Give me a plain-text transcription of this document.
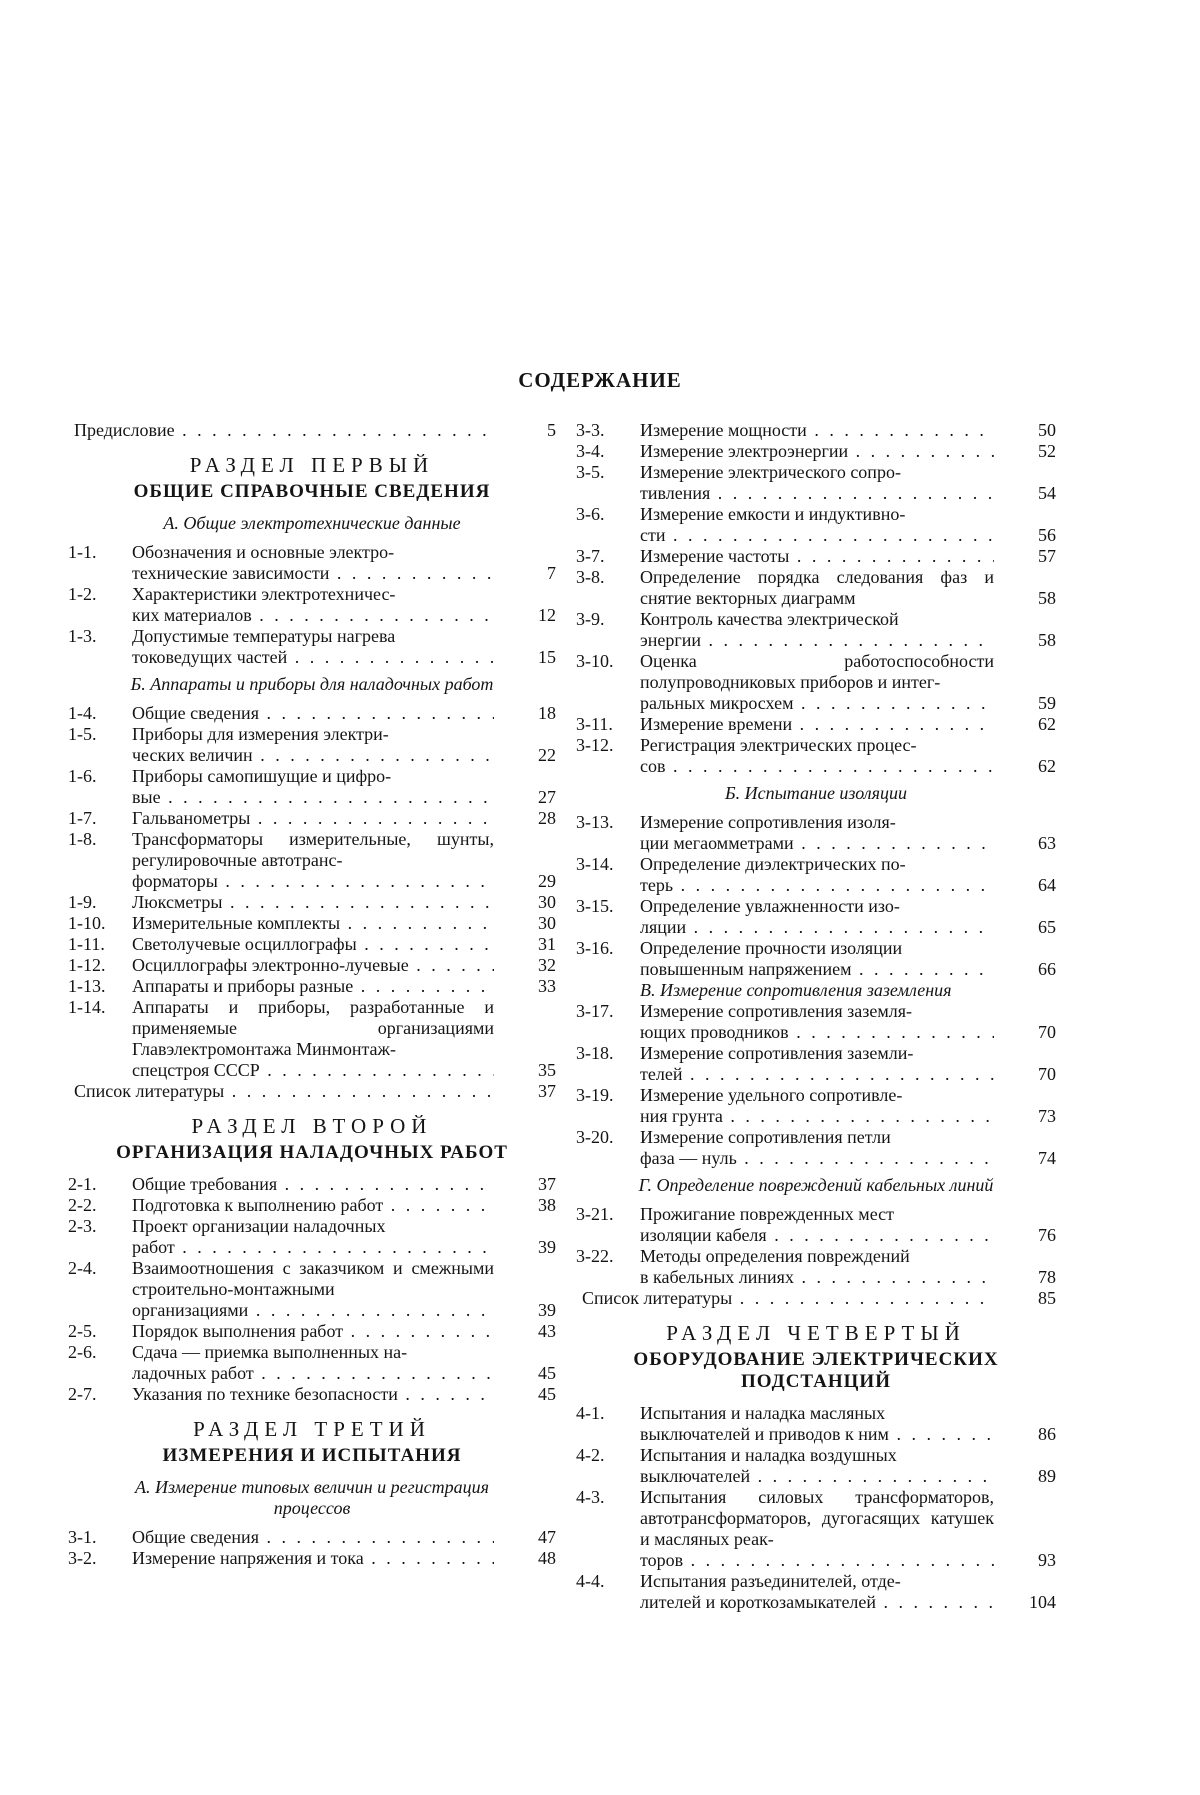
СОДЕРЖАНИЕ
Предисловие . . .	5
РАЗДЕЛ ПЕРВЫЙ
ОБЩИЕ СПРАВОЧНЫЕ СВЕДЕНИЯ
А. Общие электротехнические данные
1-1. Обозначения и основные электро-
технические зависимости . . .	7
1-2. Характеристики электротехничес-
ких материалов . . .	12
1-3. Допустимые температуры нагрева
токоведущих частей . . .	15
Б. Аппараты и приборы для наладочных работ
1-4. Общие сведения . . .	18
1-5. Приборы для измерения электри-
ческих величин . . .	22
1-6. Приборы самопишущие и цифро-
вые . . .	27
1-7. Гальванометры . . .	28
1-8. Трансформаторы измерительные, шунты, регулировочные автотранс-
форматоры . . .	29
1-9. Люксметры . . .	30
1-10. Измерительные комплекты . . .	30
1-11. Светолучевые осциллографы . . .	31
1-12. Осциллографы электронно-лучевые . . .	32
1-13. Аппараты и приборы разные . . .	33
1-14. Аппараты и приборы, разработанные и применяемые организациями Главэлектромонтажа Минмонтаж-
спецстроя СССР . . .	35
Список литературы . . .	37
РАЗДЕЛ ВТОРОЙ
ОРГАНИЗАЦИЯ НАЛАДОЧНЫХ РАБОТ
2-1. Общие требования . . .	37
2-2. Подготовка к выполнению работ . . .	38
2-3. Проект организации наладочных
работ . . .	39
2-4. Взаимоотношения с заказчиком и смежными строительно-монтажными
организациями . . .	39
2-5. Порядок выполнения работ . . .	43
2-6. Сдача — приемка выполненных на-
ладочных работ . . .	45
2-7. Указания по технике безопасности . . .	45
РАЗДЕЛ ТРЕТИЙ
ИЗМЕРЕНИЯ И ИСПЫТАНИЯ
А. Измерение типовых величин и регистрация процессов
3-1. Общие сведения . . .	47
3-2. Измерение напряжения и тока . . .	48
3-3. Измерение мощности . . .	50
3-4. Измерение электроэнергии . . .	52
3-5. Измерение электрического сопро-
тивления . . .	54
3-6. Измерение емкости и индуктивно-
сти . . .	56
3-7. Измерение частоты . . .	57
3-8. Определение порядка следования фаз и снятие векторных диаграмм	58
3-9. Контроль качества электрической
энергии . . .	58
3-10. Оценка работоспособности полупроводниковых приборов и интег-
ральных микросхем . . .	59
3-11. Измерение времени . . .	62
3-12. Регистрация электрических процес-
сов . . .	62
Б. Испытание изоляции
3-13. Измерение сопротивления изоля-
ции мегаомметрами . . .	63
3-14. Определение диэлектрических по-
терь . . .	64
3-15. Определение увлажненности изо-
ляции . . .	65
3-16. Определение прочности изоляции
повышенным напряжением . . .	66
В. Измерение сопротивления заземления
3-17. Измерение сопротивления заземля-
ющих проводников . . .	70
3-18. Измерение сопротивления заземли-
телей . . .	70
3-19. Измерение удельного сопротивле-
ния грунта . . .	73
3-20. Измерение сопротивления петли
фаза — нуль . . .	74
Г. Определение повреждений кабельных линий
3-21. Прожигание поврежденных мест
изоляции кабеля . . .	76
3-22. Методы определения повреждений
в кабельных линиях . . .	78
Список литературы . . .	85
РАЗДЕЛ ЧЕТВЕРТЫЙ
ОБОРУДОВАНИЕ ЭЛЕКТРИЧЕСКИХ ПОДСТАНЦИЙ
4-1. Испытания и наладка масляных
выключателей и приводов к ним . . .	86
4-2. Испытания и наладка воздушных
выключателей . . .	89
4-3. Испытания силовых трансформаторов, автотрансформаторов, дугогасящих катушек и масляных реак-
торов . . .	93
4-4. Испытания разъединителей, отде-
лителей и короткозамыкателей . . .	104
